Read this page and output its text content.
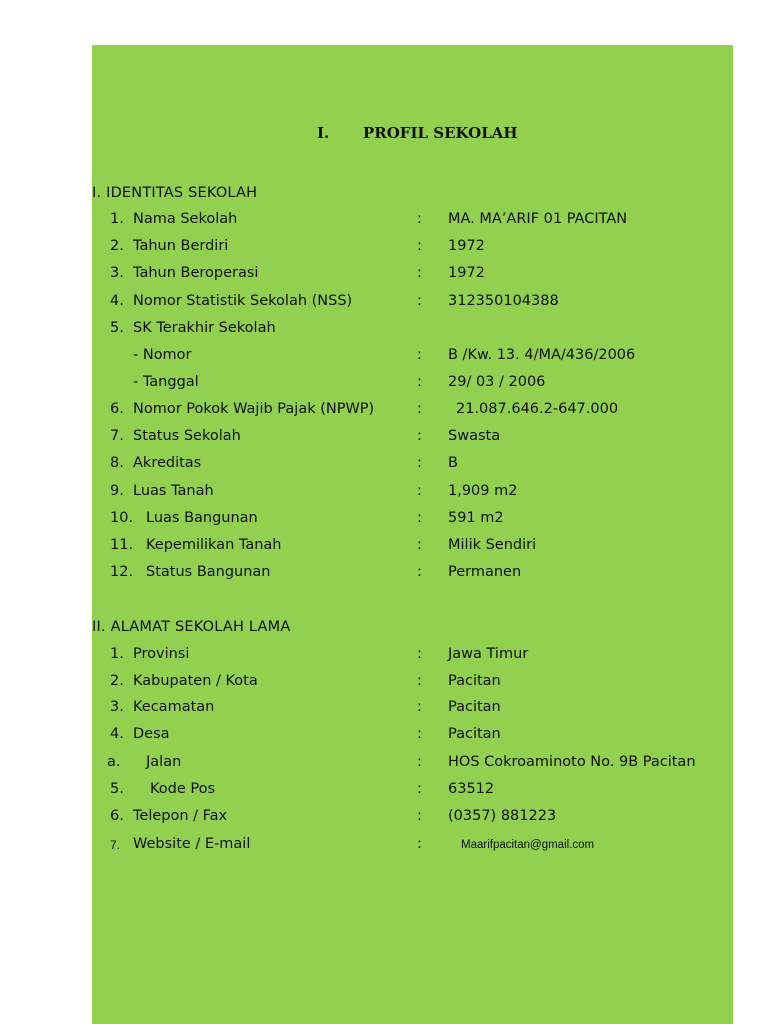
I. PROFIL SEKOLAH
I. IDENTITAS SEKOLAH
1. Nama Sekolah	: MA. MA’ARIF 01 PACITAN
2. Tahun Berdiri	: 1972
3. Tahun Beroperasi	: 1972
4. Nomor Statistik Sekolah (NSS)	: 312350104388
5. SK Terakhir Sekolah
- Nomor	: B /Kw. 13. 4/MA/436/2006
- Tanggal	: 29/ 03 / 2006
6. Nomor Pokok Wajib Pajak (NPWP)	: 21.087.646.2-647.000
7. Status Sekolah	: Swasta
8. Akreditas	: B
9. Luas Tanah	: 1,909 m2
10. Luas Bangunan	: 591 m2
11. Kepemilikan Tanah	: Milik Sendiri
12. Status Bangunan	: Permanen
II. ALAMAT SEKOLAH LAMA
1. Provinsi	: Jawa Timur
2. Kabupaten / Kota	: Pacitan
3. Kecamatan	: Pacitan
4. Desa	: Pacitan
a. Jalan	: HOS Cokroaminoto No. 9B Pacitan
5. Kode Pos	: 63512
6. Telepon / Fax	: (0357) 881223
7. Website / E-mail	:	Maarifpacitan@gmail.com
